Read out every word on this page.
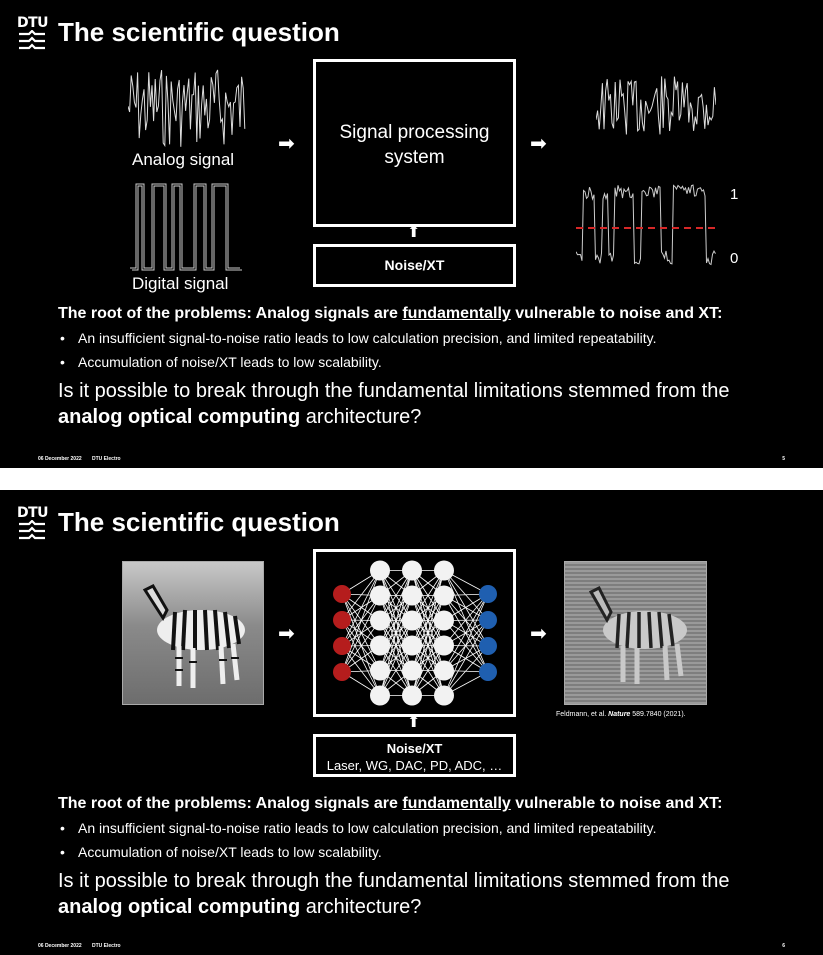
DTU The scientific question
Analog signal
Digital signal
➡
Signal processing system
⬆
Noise/XT
➡
1
0
The root of the problems: Analog signals are fundamentally vulnerable to noise and XT:
• An insufficient signal-to-noise ratio leads to low calculation precision, and limited repeatability.
• Accumulation of noise/XT leads to low scalability.
Is it possible to break through the fundamental limitations stemmed from the
analog optical computing architecture?
06 December 2022 DTU Electro	5
DTU The scientific question
➡
⬆
Noise/XT
Laser, WG, DAC, PD, ADC, …
➡
Feldmann, et al. Nature 589.7840 (2021).
The root of the problems: Analog signals are fundamentally vulnerable to noise and XT:
• An insufficient signal-to-noise ratio leads to low calculation precision, and limited repeatability.
• Accumulation of noise/XT leads to low scalability.
Is it possible to break through the fundamental limitations stemmed from the
analog optical computing architecture?
06 December 2022 DTU Electro	6
